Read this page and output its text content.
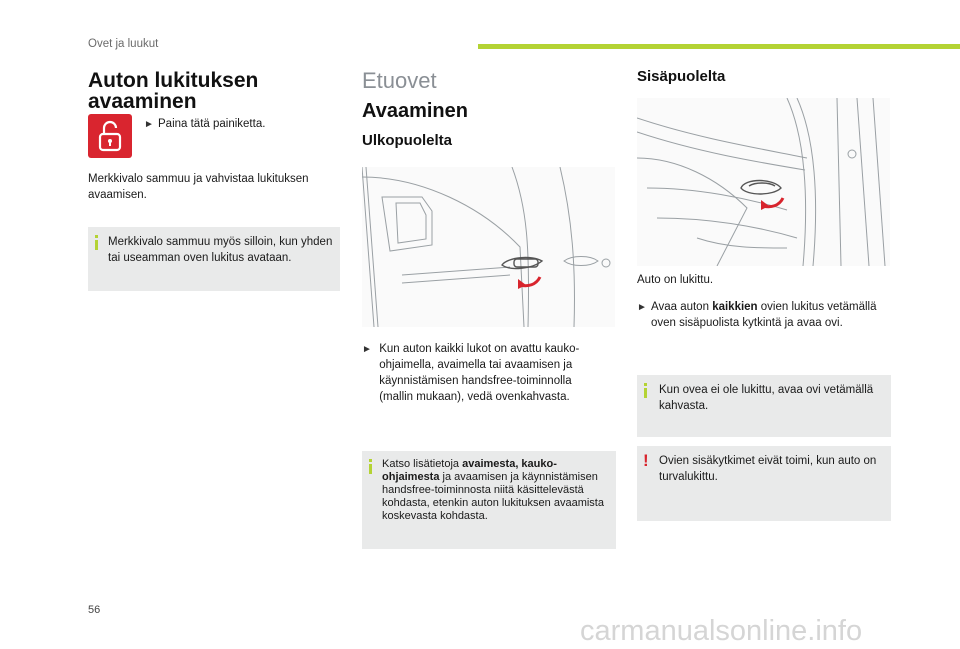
Ovet ja luukut
Auton lukituksen avaaminen
► Paina tätä painiketta.
Merkkivalo sammuu ja vahvistaa lukituksen avaamisen.
Merkkivalo sammuu myös silloin, kun yhden tai useamman oven lukitus avataan.
Etuovet
Avaaminen
Ulkopuolelta
► Kun auton kaikki lukot on avattu kauko-ohjaimella, avaimella tai avaamisen ja käynnistämisen handsfree-toiminnolla (mallin mukaan), vedä ovenkahvasta.
Katso lisätietoja avaimesta, kauko-ohjaimesta ja avaamisen ja käynnistämisen handsfree-toiminnosta niitä käsittelevästä kohdasta, etenkin auton lukituksen avaamista koskevasta kohdasta.
Sisäpuolelta
Auto on lukittu.
► Avaa auton kaikkien ovien lukitus vetämällä oven sisäpuolista kytkintä ja avaa ovi.
Kun ovea ei ole lukittu, avaa ovi vetämällä kahvasta.
! Ovien sisäkytkimet eivät toimi, kun auto on turvalukittu.
56
carmanualsonline.info
